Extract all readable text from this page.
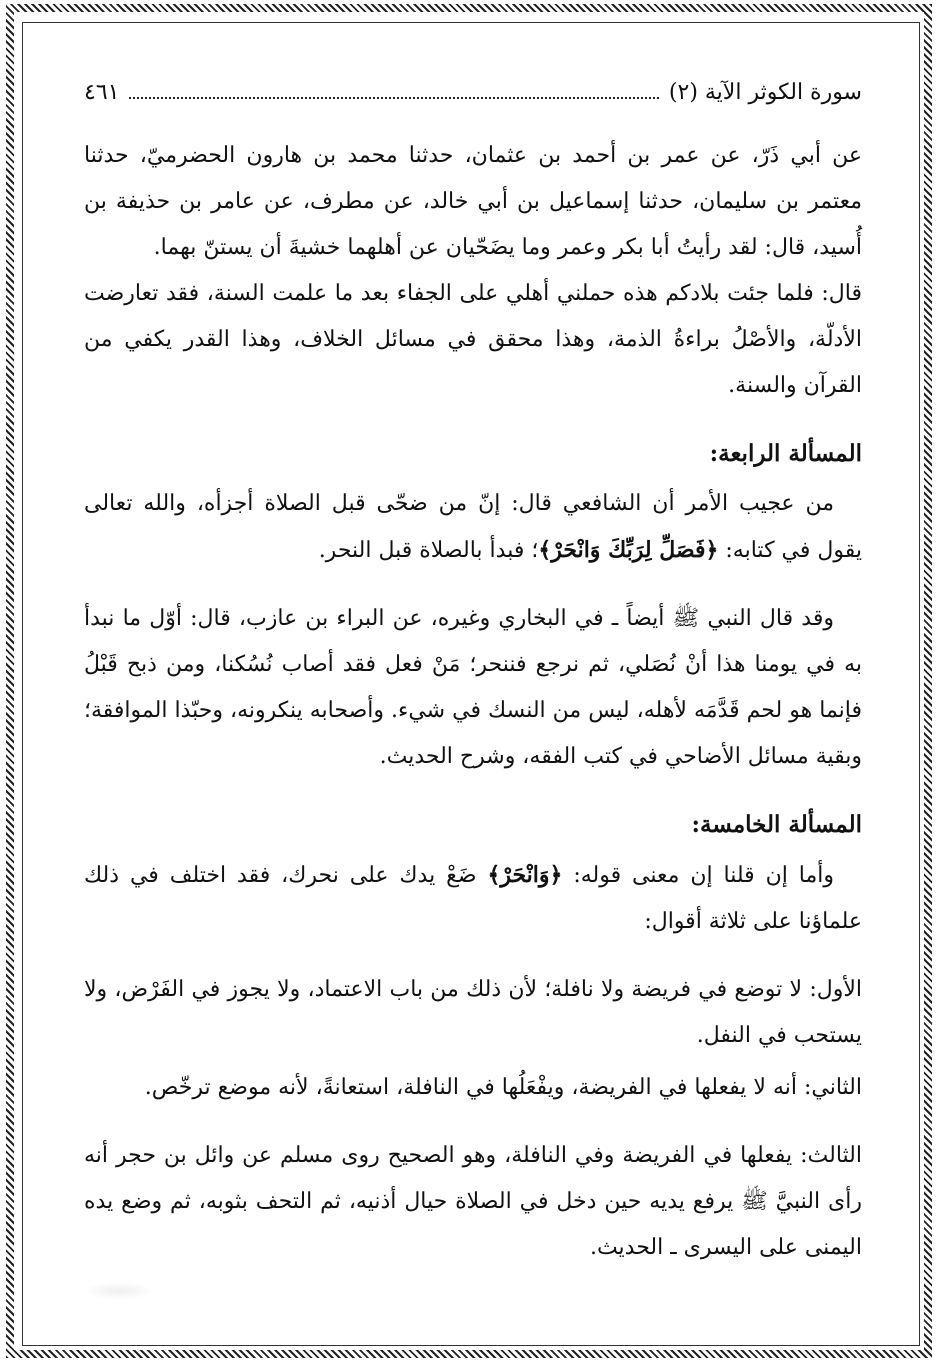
سورة الكوثر الآية (٢)
٤٦١

عن أبي ذَرّ، عن عمر بن أحمد بن عثمان، حدثنا محمد بن هارون الحضرميّ، حدثنا معتمر بن سليمان، حدثنا إسماعيل بن أبي خالد، عن مطرف، عن عامر بن حذيفة بن أُسيد، قال: لقد رأيتُ أبا بكر وعمر وما يضَحّيان عن أهلهما خشيةَ أن يستنّ بهما.

قال: فلما جئت بلادكم هذه حملني أهلي على الجفاء بعد ما علمت السنة، فقد تعارضت الأدلّة، والأصْلُ براءةُ الذمة، وهذا محقق في مسائل الخلاف، وهذا القدر يكفي من القرآن والسنة.

المسألة الرابعة:

من عجيب الأمر أن الشافعي قال: إنّ من ضحّى قبل الصلاة أجزأه، والله تعالى يقول في كتابه: ﴿فَصَلِّ لِرَبِّكَ وَانْحَرْ﴾؛ فبدأ بالصلاة قبل النحر.

وقد قال النبي ﷺ أيضاً ـ في البخاري وغيره، عن البراء بن عازب، قال: أوّل ما نبدأ به في يومنا هذا أنْ نُصَلي، ثم نرجع فننحر؛ مَنْ فعل فقد أصاب نُسُكنا، ومن ذبح قَبْلُ فإنما هو لحم قَدَّمَه لأهله، ليس من النسك في شيء. وأصحابه ينكرونه، وحبّذا الموافقة؛ وبقية مسائل الأضاحي في كتب الفقه، وشرح الحديث.

المسألة الخامسة:

وأما إن قلنا إن معنى قوله: ﴿وَانْحَرْ﴾ ضَعْ يدك على نحرك، فقد اختلف في ذلك علماؤنا على ثلاثة أقوال:

الأول: لا توضع في فريضة ولا نافلة؛ لأن ذلك من باب الاعتماد، ولا يجوز في الفَرْض، ولا يستحب في النفل.

الثاني: أنه لا يفعلها في الفريضة، ويفْعَلُها في النافلة، استعانةً، لأنه موضع ترخّص.

الثالث: يفعلها في الفريضة وفي النافلة، وهو الصحيح روى مسلم عن وائل بن حجر أنه رأى النبيَّ ﷺ يرفع يديه حين دخل في الصلاة حيال أذنيه، ثم التحف بثوبه، ثم وضع يده اليمنى على اليسرى ـ الحديث.
